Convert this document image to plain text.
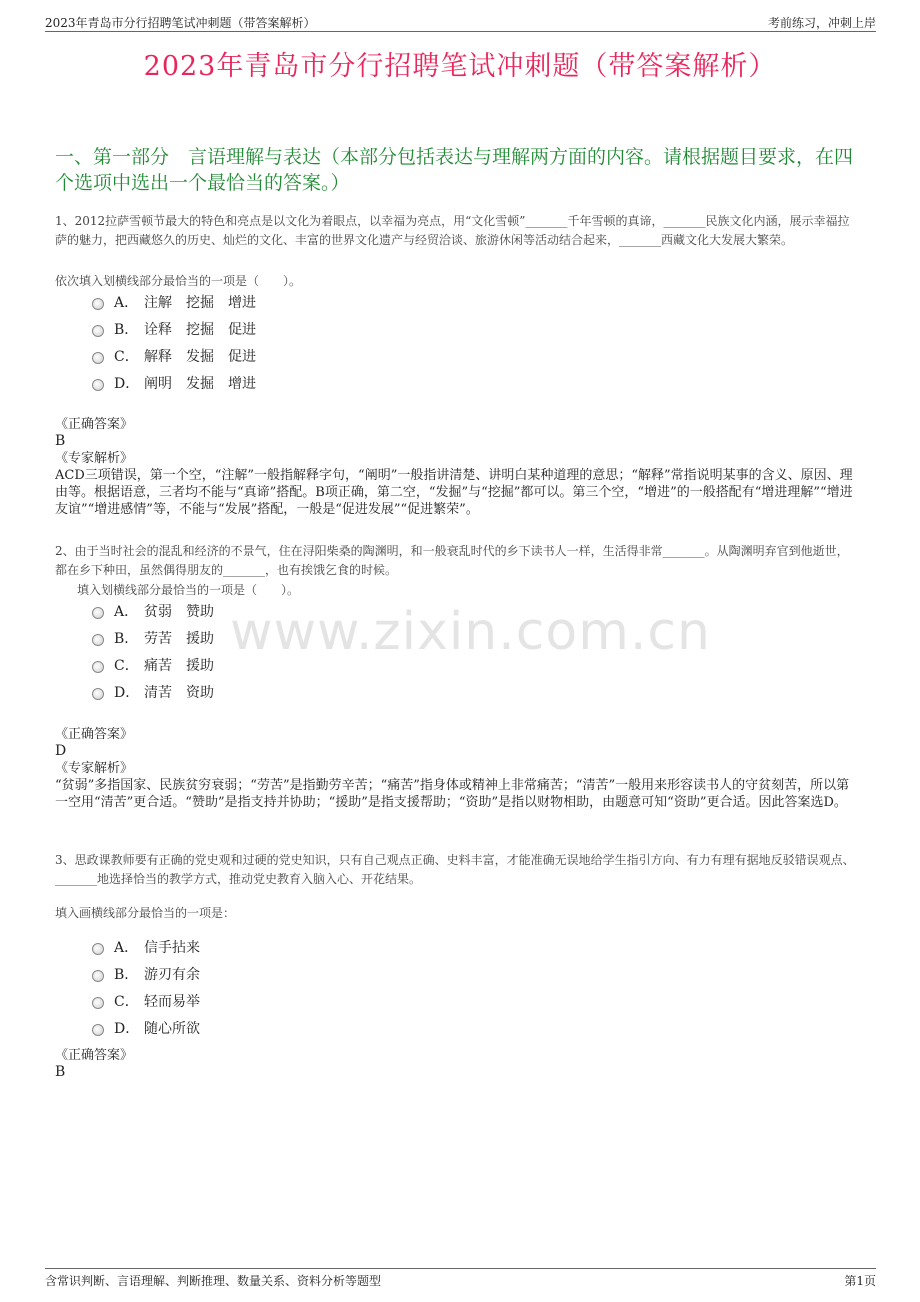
2023年青岛市分行招聘笔试冲刺题（带答案解析）	考前练习，冲刺上岸
2023年青岛市分行招聘笔试冲刺题（带答案解析）
一、第一部分　言语理解与表达（本部分包括表达与理解两方面的内容。请根据题目要求，在四个选项中选出一个最恰当的答案。）
www.zixin.com.cn
1、2012拉萨雪顿节最大的特色和亮点是以文化为着眼点，以幸福为亮点，用“文化雪顿”_______千年雪顿的真谛，_______民族文化内涵，展示幸福拉萨的魅力，把西藏悠久的历史、灿烂的文化、丰富的世界文化遗产与经贸洽谈、旅游休闲等活动结合起来，_______西藏文化大发展大繁荣。
依次填入划横线部分最恰当的一项是（　　）。
A． 注解　挖掘　增进
B． 诠释　挖掘　促进
C． 解释　发掘　促进
D． 阐明　发掘　增进
《正确答案》
B
《专家解析》
ACD三项错误，第一个空，“注解”一般指解释字句，“阐明”一般指讲清楚、讲明白某种道理的意思；“解释”常指说明某事的含义、原因、理由等。根据语意，三者均不能与“真谛”搭配。B项正确，第二空，“发掘”与“挖掘”都可以。第三个空，“增进”的一般搭配有“增进理解”“增进友谊”“增进感情”等，不能与“发展”搭配，一般是“促进发展”“促进繁荣”。
2、由于当时社会的混乱和经济的不景气，住在浔阳柴桑的陶渊明，和一般衰乱时代的乡下读书人一样，生活得非常_______。从陶渊明弃官到他逝世，都在乡下种田，虽然偶得朋友的_______，也有挨饿乞食的时候。
填入划横线部分最恰当的一项是（　　）。
A． 贫弱　赞助
B． 劳苦　援助
C． 痛苦　援助
D． 清苦　资助
《正确答案》
D
《专家解析》
“贫弱”多指国家、民族贫穷衰弱；“劳苦”是指勤劳辛苦；“痛苦”指身体或精神上非常痛苦；“清苦”一般用来形容读书人的守贫刻苦，所以第一空用“清苦”更合适。“赞助”是指支持并协助；“援助”是指支援帮助；“资助”是指以财物相助，由题意可知“资助”更合适。因此答案选D。
3、思政课教师要有正确的党史观和过硬的党史知识，只有自己观点正确、史料丰富，才能准确无误地给学生指引方向、有力有理有据地反驳错误观点、_______地选择恰当的教学方式，推动党史教育入脑入心、开花结果。
填入画横线部分最恰当的一项是：
A． 信手拈来
B． 游刃有余
C． 轻而易举
D． 随心所欲
《正确答案》
B
含常识判断、言语理解、判断推理、数量关系、资料分析等题型	第1页
